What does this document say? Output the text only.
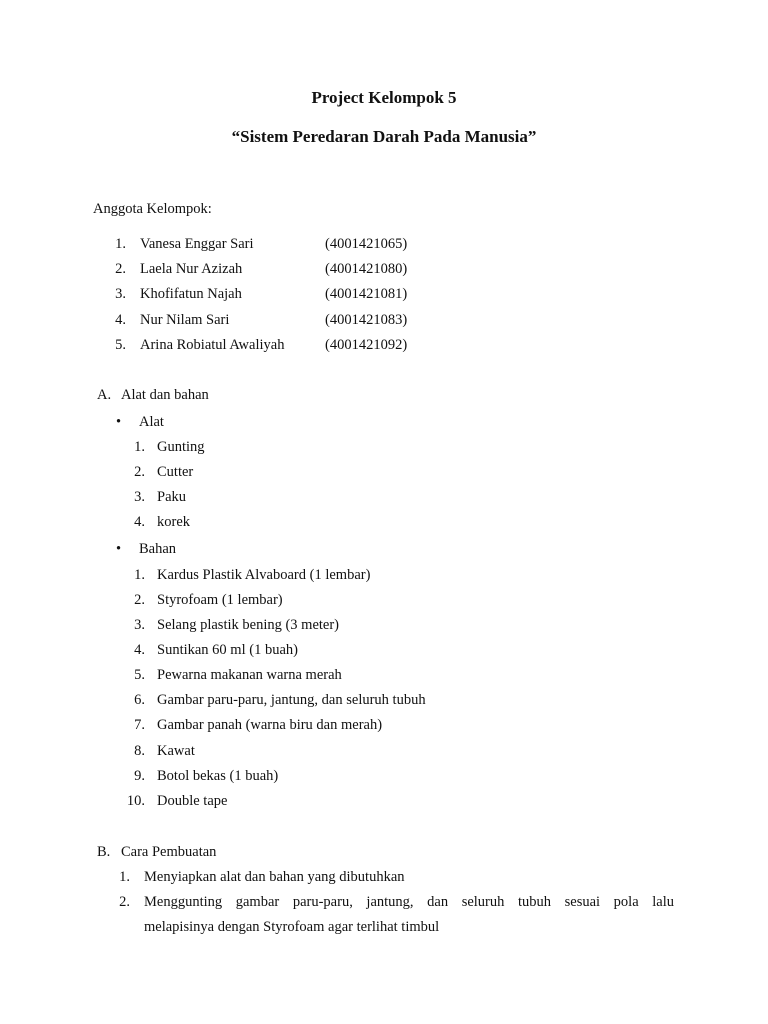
Project Kelompok 5
“Sistem Peredaran Darah Pada Manusia”
Anggota Kelompok:
1. Vanesa Enggar Sari	(4001421065)
2. Laela Nur Azizah	(4001421080)
3. Khofifatun Najah	(4001421081)
4. Nur Nilam Sari	(4001421083)
5. Arina Robiatul Awaliyah	(4001421092)
A. Alat dan bahan
• Alat
1. Gunting
2. Cutter
3. Paku
4. korek
• Bahan
1. Kardus Plastik Alvaboard (1 lembar)
2. Styrofoam (1 lembar)
3. Selang plastik bening (3 meter)
4. Suntikan 60 ml (1 buah)
5. Pewarna makanan warna merah
6. Gambar paru-paru, jantung, dan seluruh tubuh
7. Gambar panah (warna biru dan merah)
8. Kawat
9. Botol bekas (1 buah)
10. Double tape
B. Cara Pembuatan
1. Menyiapkan alat dan bahan yang dibutuhkan
2. Menggunting gambar paru-paru, jantung, dan seluruh tubuh sesuai pola lalu
melapisinya dengan Styrofoam agar terlihat timbul
